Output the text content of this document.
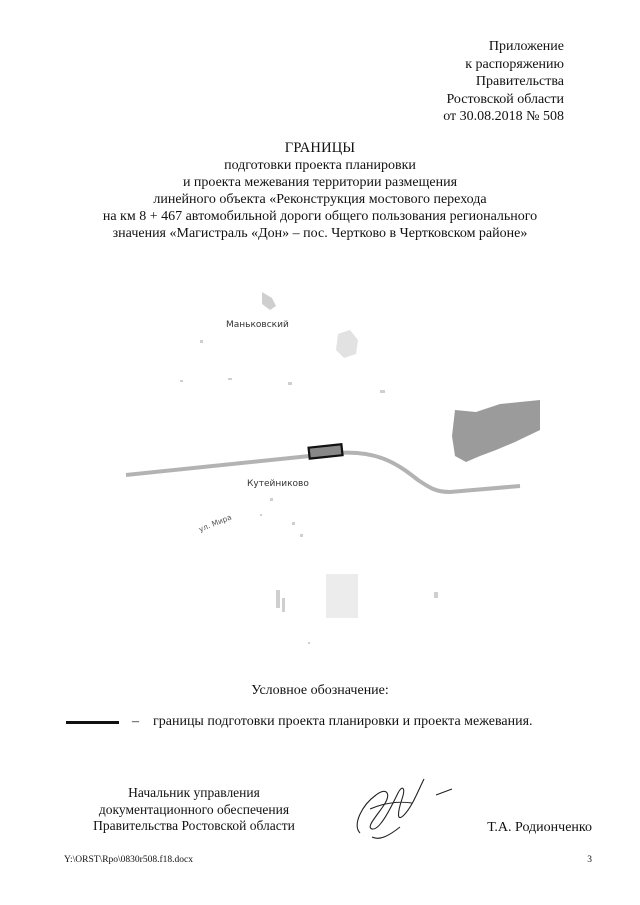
Приложение
к распоряжению
Правительства
Ростовской области
от 30.08.2018 № 508
ГРАНИЦЫ
подготовки проекта планировки
и проекта межевания территории размещения
линейного объекта «Реконструкция мостового перехода
на км 8 + 467 автомобильной дороги общего пользования регионального
значения «Магистраль «Дон» – пос. Чертково в Чертковском районе»
Маньковский
Кутейниково
ул. Мира
Условное обозначение:
– границы подготовки проекта планировки и проекта межевания.
Начальник управления
документационного обеспечения
Правительства Ростовской области	Т.А. Родионченко
Y:\ORST\Rpo\0830r508.f18.docx	3
